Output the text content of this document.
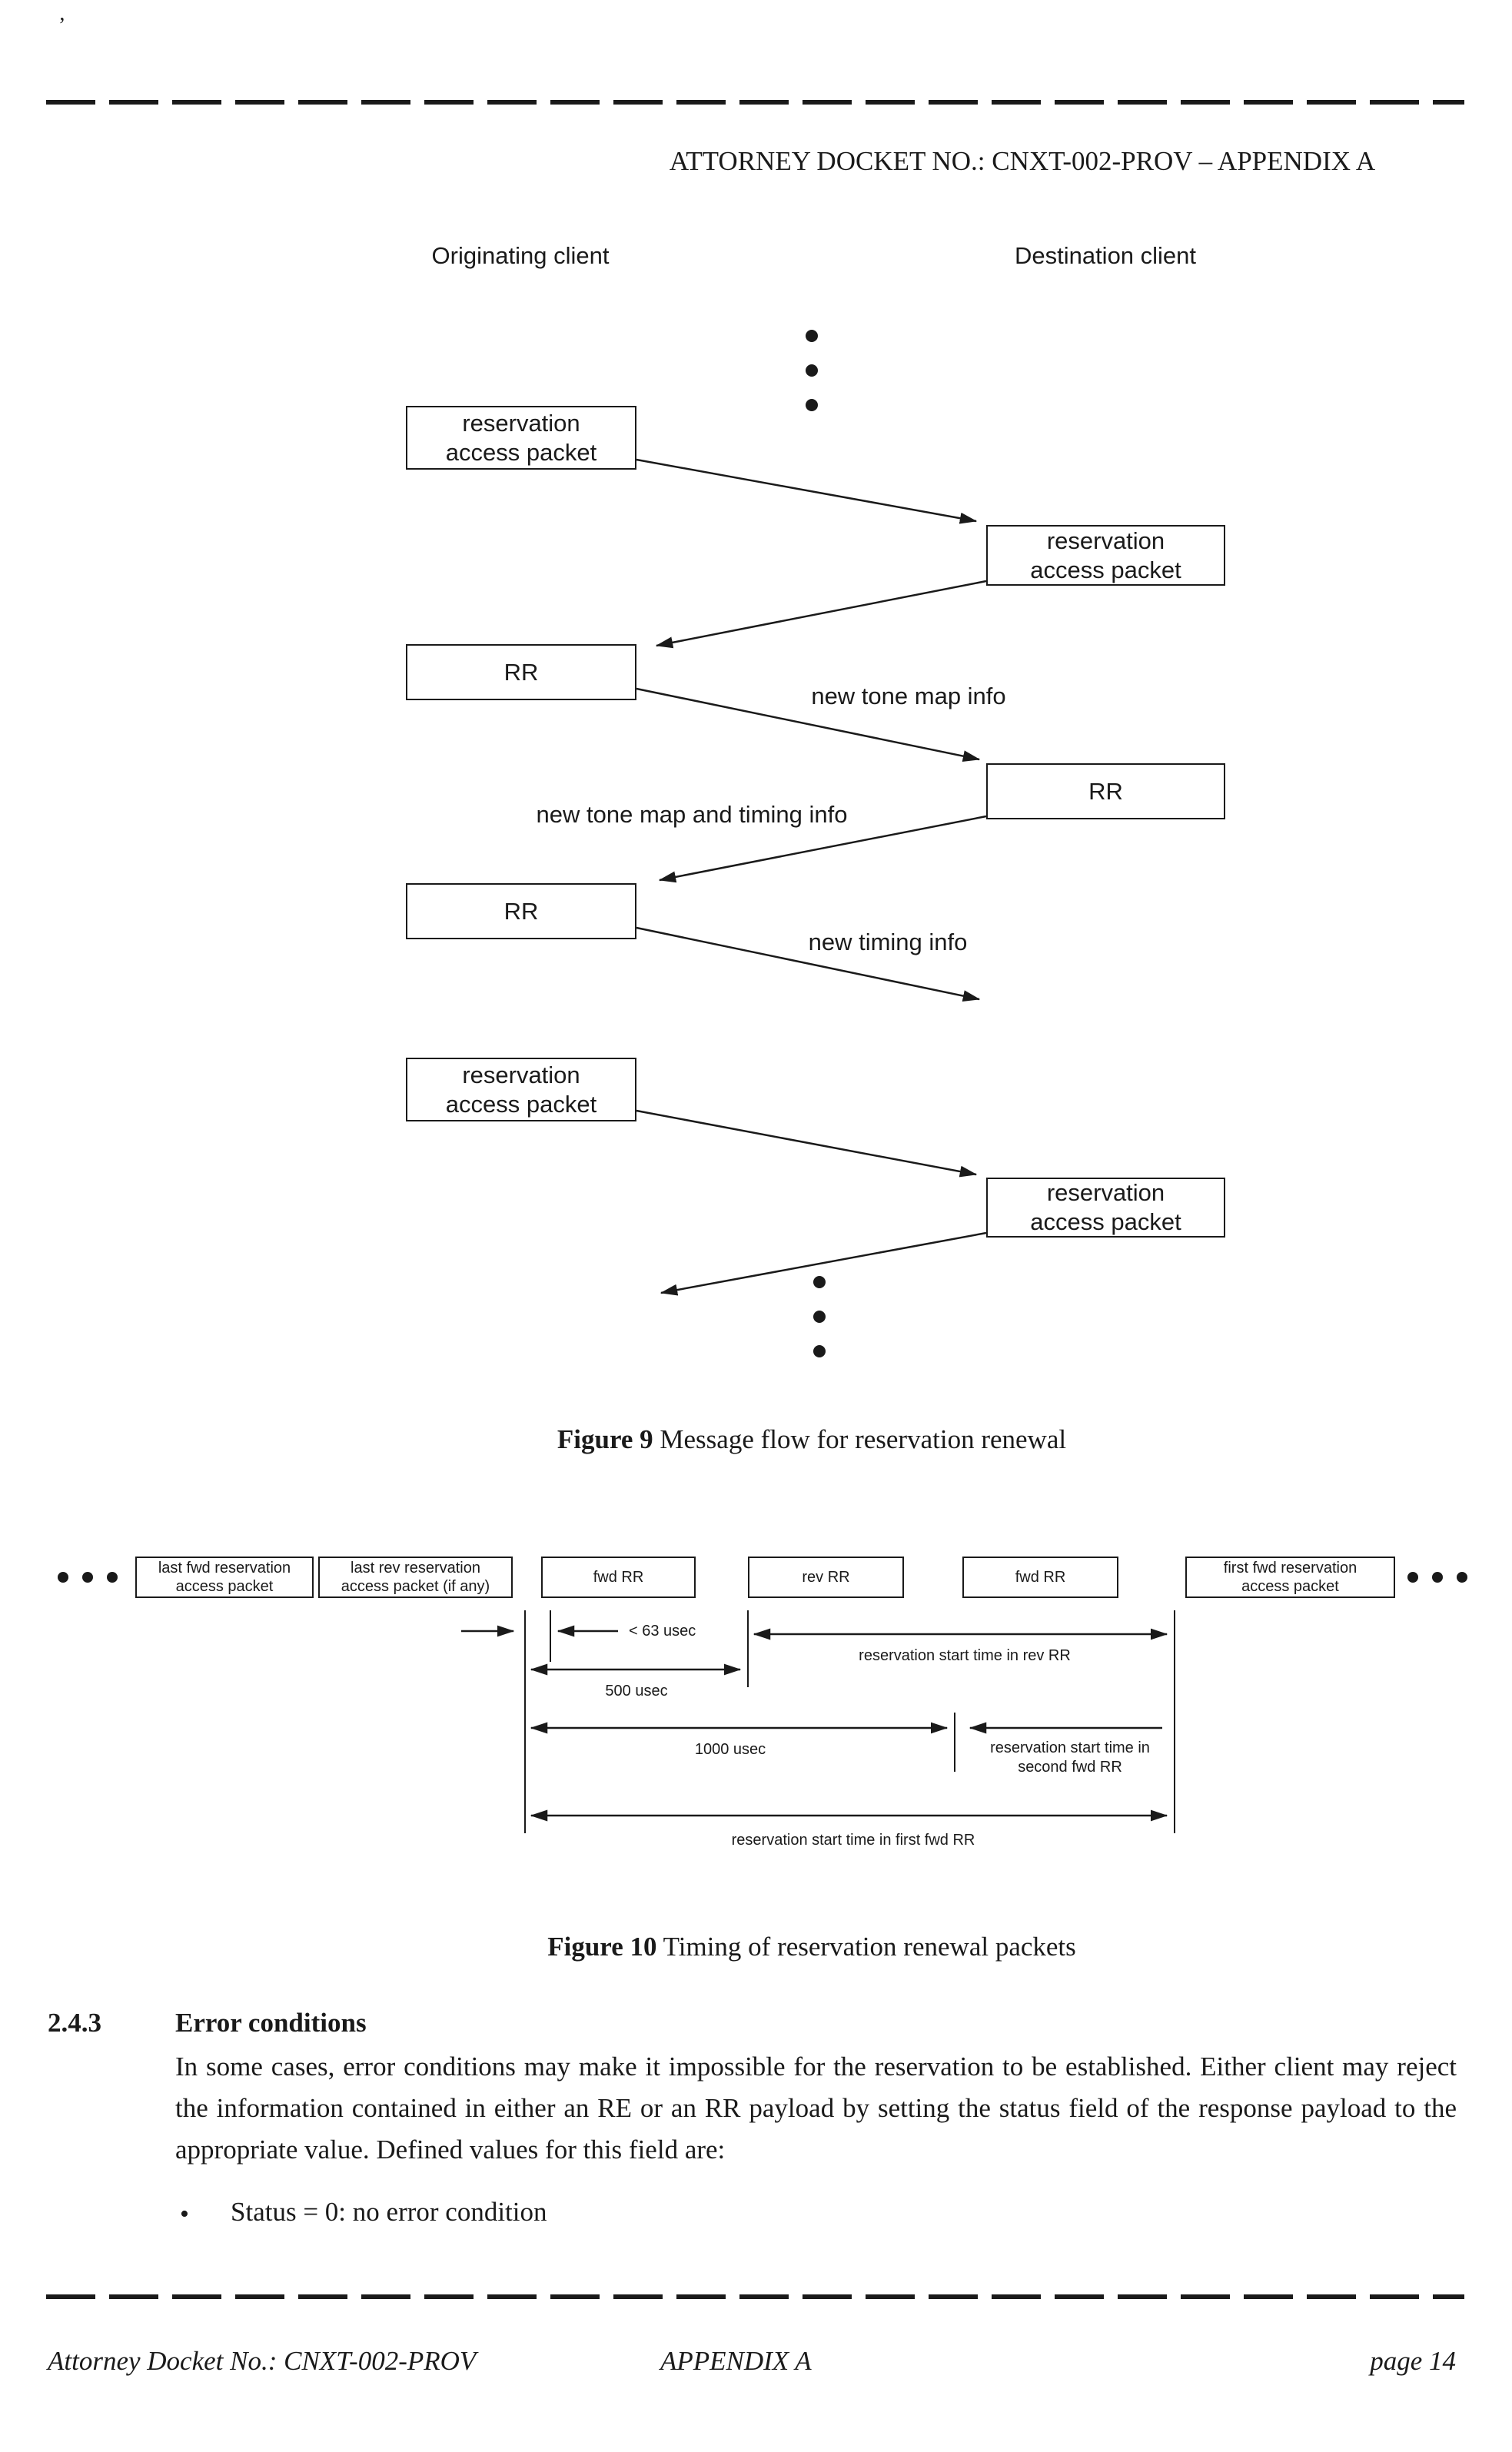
’
ATTORNEY DOCKET NO.: CNXT-002-PROV – APPENDIX A
Originating client	Destination client
reservation
access packet
reservation
access packet
RR
new tone map info
RR
new tone map and timing info
RR
new timing info
reservation
access packet
reservation
access packet
Figure 9 Message flow for reservation renewal
last fwd reservation
access packet
last rev reservation
access packet (if any)
fwd RR	rev RR	fwd RR
first fwd reservation
access packet
< 63 usec
reservation start time in rev RR
500 usec
1000 usec	reservation start time in
second fwd RR
reservation start time in first fwd RR
Figure 10 Timing of reservation renewal packets
2.4.3	Error conditions
In some cases, error conditions may make it impossible for the reservation to be established. Either client may reject the information contained in either an RE or an RR payload by setting the status field of the response payload to the appropriate value. Defined values for this field are:
• Status = 0: no error condition
Attorney Docket No.: CNXT-002-PROV	APPENDIX A	page 14
